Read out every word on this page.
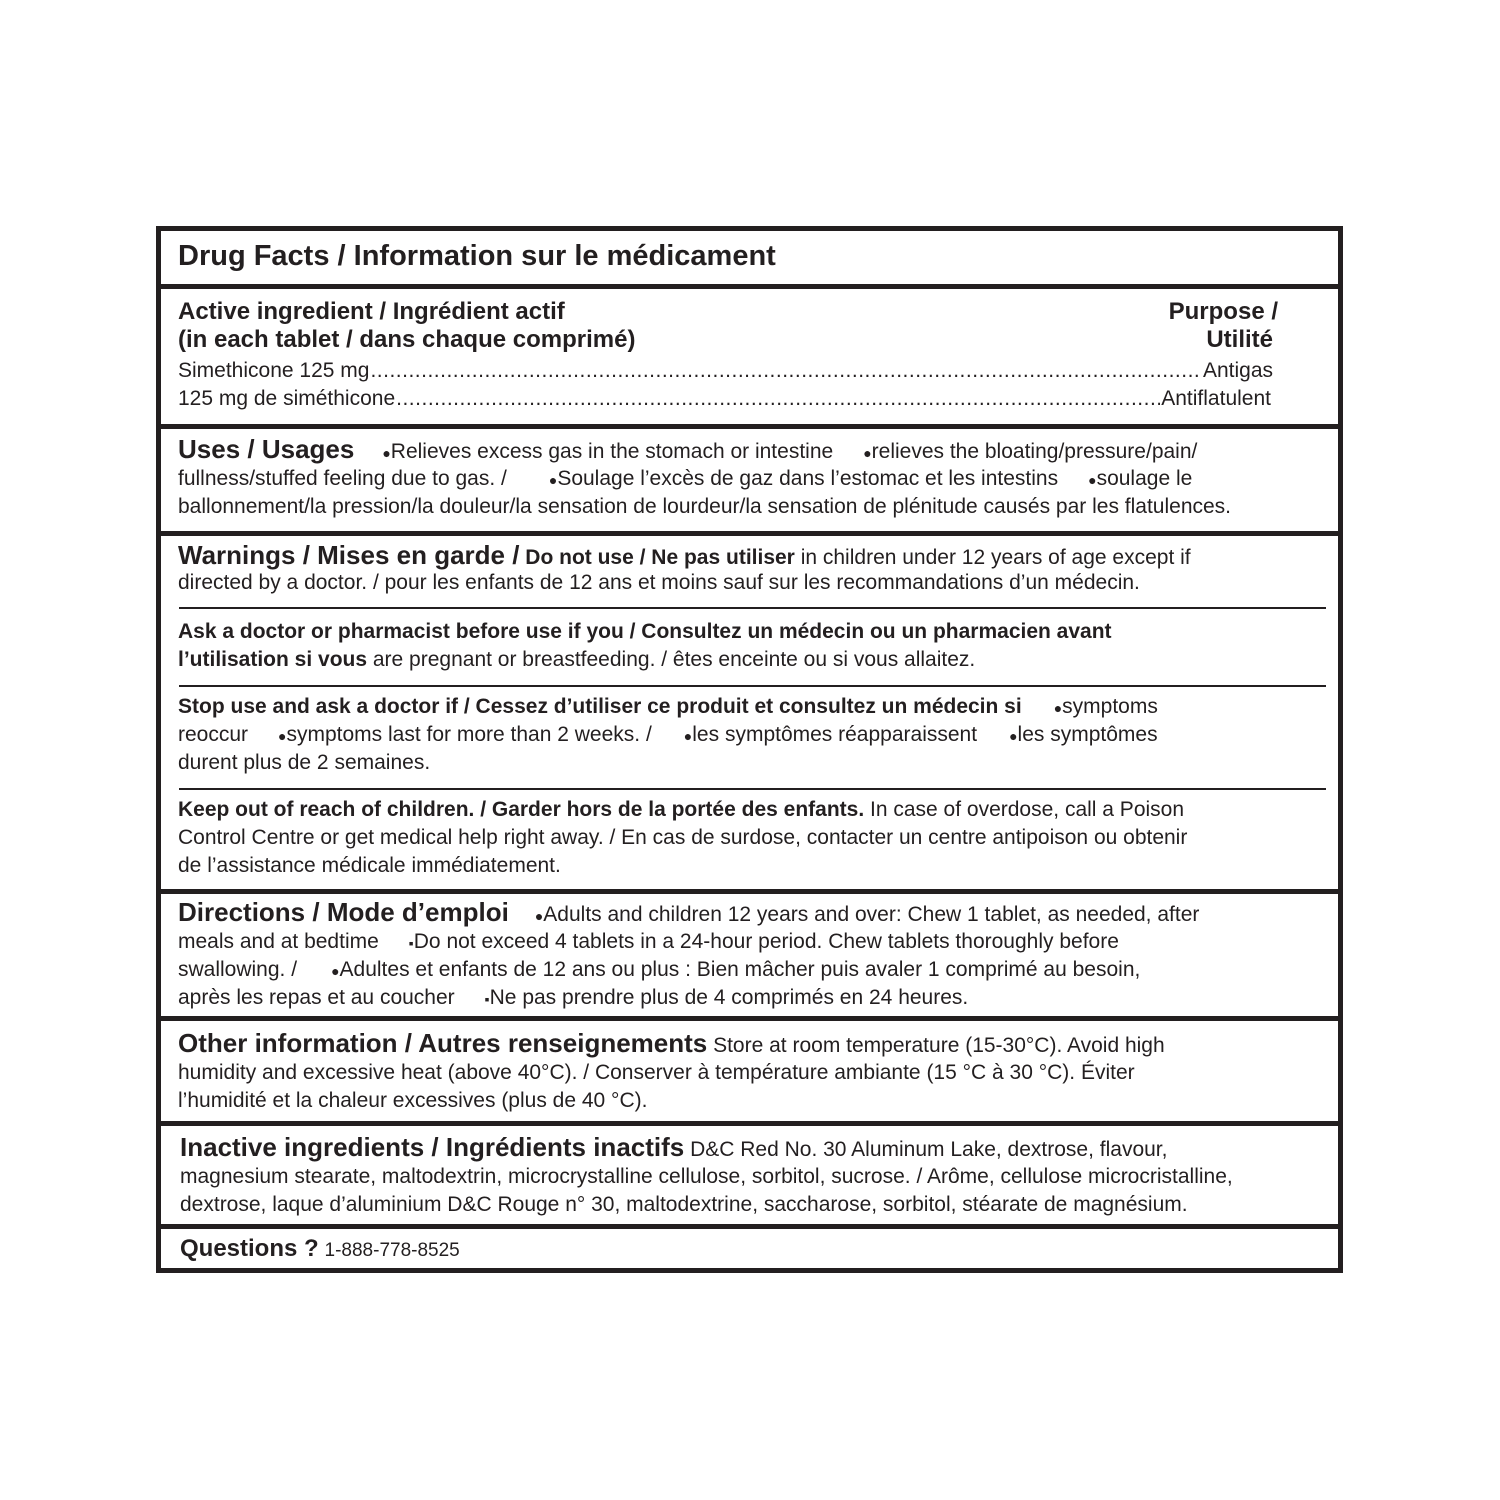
Drug Facts / Information sur le médicament
Active ingredient / Ingrédient actif
(in each tablet / dans chaque comprimé)
Purpose /
Utilité
Simethicone 125 mg .....	Antigas
125 mg de siméthicone .....	Antiflatulent
Uses / Usages ●Relieves excess gas in the stomach or intestine ●relieves the bloating/pressure/pain/
fullness/stuffed feeling due to gas. /	●Soulage l’excès de gaz dans l’estomac et les intestins ●soulage le
ballonnement/la pression/la douleur/la sensation de lourdeur/la sensation de plénitude causés par les flatulences.
Warnings / Mises en garde / Do not use / Ne pas utiliser in children under 12 years of age except if
directed by a doctor. / pour les enfants de 12 ans et moins sauf sur les recommandations d’un médecin.
Ask a doctor or pharmacist before use if you / Consultez un médecin ou un pharmacien avant
l’utilisation si vous are pregnant or breastfeeding. / êtes enceinte ou si vous allaitez.
Stop use and ask a doctor if / Cessez d’utiliser ce produit et consultez un médecin si ●symptoms
reoccur ●symptoms last for more than 2 weeks. / ●les symptômes réapparaissent ●les symptômes
durent plus de 2 semaines.
Keep out of reach of children. / Garder hors de la portée des enfants. In case of overdose, call a Poison
Control Centre or get medical help right away. / En cas de surdose, contacter un centre antipoison ou obtenir
de l’assistance médicale immédiatement.
Directions / Mode d’emploi ●Adults and children 12 years and over: Chew 1 tablet, as needed, after
meals and at bedtime ▪Do not exceed 4 tablets in a 24-hour period. Chew tablets thoroughly before
swallowing. / ●Adultes et enfants de 12 ans ou plus : Bien mâcher puis avaler 1 comprimé au besoin,
après les repas et au coucher ▪Ne pas prendre plus de 4 comprimés en 24 heures.
Other information / Autres renseignements Store at room temperature (15-30°C). Avoid high
humidity and excessive heat (above 40°C). / Conserver à température ambiante (15 °C à 30 °C). Éviter
l’humidité et la chaleur excessives (plus de 40 °C).
Inactive ingredients / Ingrédients inactifs D&C Red No. 30 Aluminum Lake, dextrose, flavour,
magnesium stearate, maltodextrin, microcrystalline cellulose, sorbitol, sucrose. / Arôme, cellulose microcristalline,
dextrose, laque d’aluminium D&C Rouge n° 30, maltodextrine, saccharose, sorbitol, stéarate de magnésium.
Questions ? 1-888-778-8525
